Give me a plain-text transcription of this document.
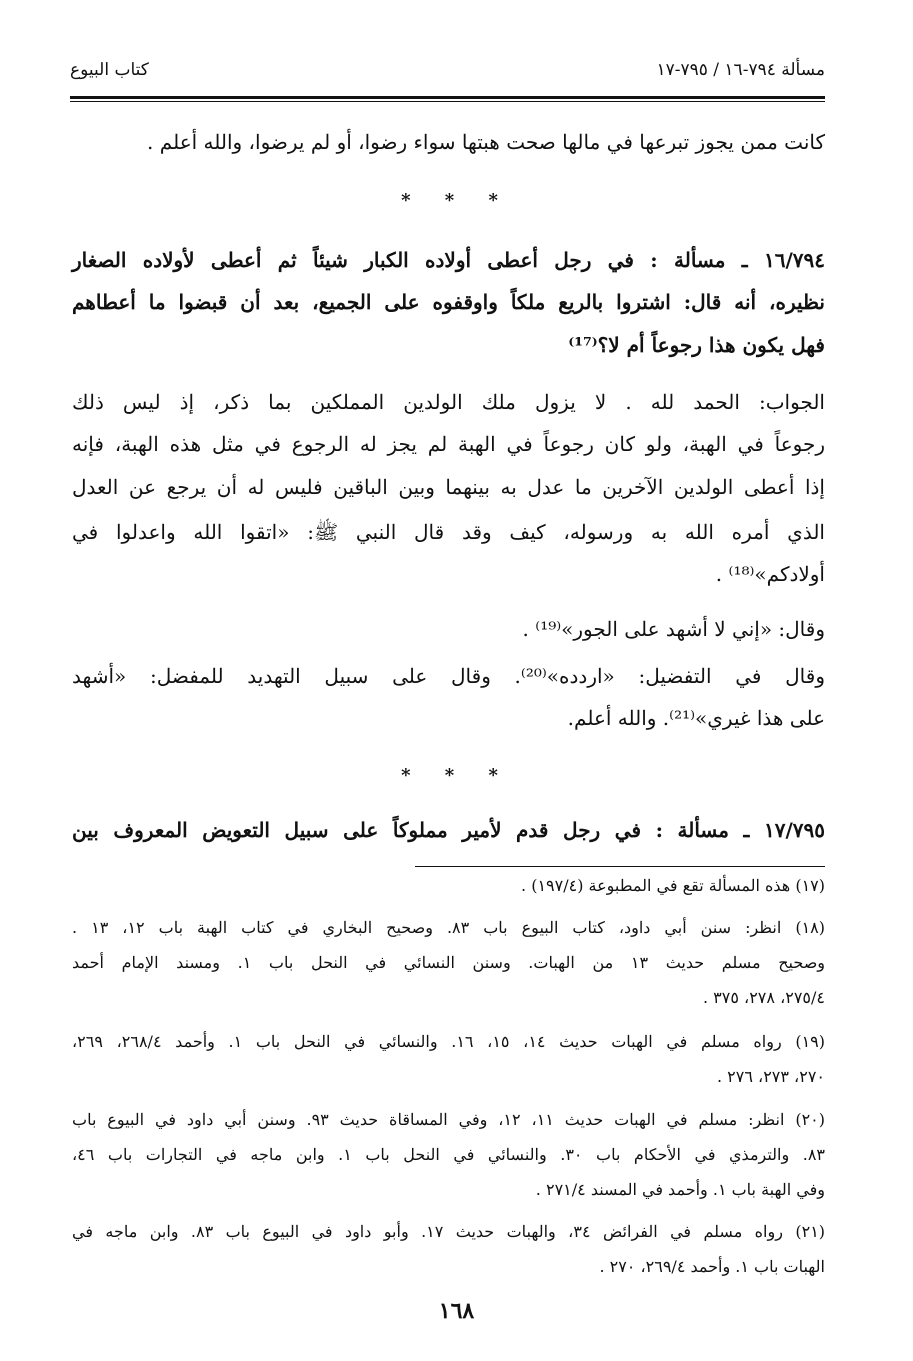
مسألة ٧٩٤-١٦ / ٧٩٥-١٧
كتاب البيوع
كانت ممن يجوز تبرعها في مالها صحت هبتها سواء رضوا، أو لم يرضوا، والله أعلم .
* * *
١٦/٧٩٤ ـ مسألة : في رجل أعطى أولاده الكبار شيئاً ثم أعطى لأولاده الصغار
نظيره، أنه قال: اشتروا بالريع ملكاً واوقفوه على الجميع، بعد أن قبضوا ما أعطاهم
فهل يكون هذا رجوعاً أم لا؟⁽¹⁷⁾
الجواب: الحمد لله . لا يزول ملك الولدين المملكين بما ذكر، إذ ليس ذلك
رجوعاً في الهبة، ولو كان رجوعاً في الهبة لم يجز له الرجوع في مثل هذه الهبة، فإنه
إذا أعطى الولدين الآخرين ما عدل به بينهما وبين الباقين فليس له أن يرجع عن العدل
الذي أمره الله به ورسوله، كيف وقد قال النبي ﷺ: «اتقوا الله واعدلوا في
أولادكم»⁽¹⁸⁾ .
وقال: «إني لا أشهد على الجور»⁽¹⁹⁾ .
وقال في التفضيل: «اردده»⁽²⁰⁾. وقال على سبيل التهديد للمفضل: «أشهد
على هذا غيري»⁽²¹⁾. والله أعلم.
* * *
١٧/٧٩٥ ـ مسألة : في رجل قدم لأمير مملوكاً على سبيل التعويض المعروف بين
(١٧) هذه المسألة تقع في المطبوعة (١٩٧/٤) .
(١٨) انظر: سنن أبي داود، كتاب البيوع باب ٨٣. وصحيح البخاري في كتاب الهبة باب ١٢، ١٣ .
وصحيح مسلم حديث ١٣ من الهبات. وسنن النسائي في النحل باب ١. ومسند الإمام أحمد
٢٧٥/٤، ٢٧٨، ٣٧٥ .
(١٩) رواه مسلم في الهبات حديث ١٤، ١٥، ١٦. والنسائي في النحل باب ١. وأحمد ٢٦٨/٤، ٢٦٩،
٢٧٠، ٢٧٣، ٢٧٦ .
(٢٠) انظر: مسلم في الهبات حديث ١١، ١٢، وفي المساقاة حديث ٩٣. وسنن أبي داود في البيوع باب
٨٣. والترمذي في الأحكام باب ٣٠. والنسائي في النحل باب ١. وابن ماجه في التجارات باب ٤٦،
وفي الهبة باب ١. وأحمد في المسند ٢٧١/٤ .
(٢١) رواه مسلم في الفرائض ٣٤، والهبات حديث ١٧. وأبو داود في البيوع باب ٨٣. وابن ماجه في
الهبات باب ١. وأحمد ٢٦٩/٤، ٢٧٠ .
١٦٨
